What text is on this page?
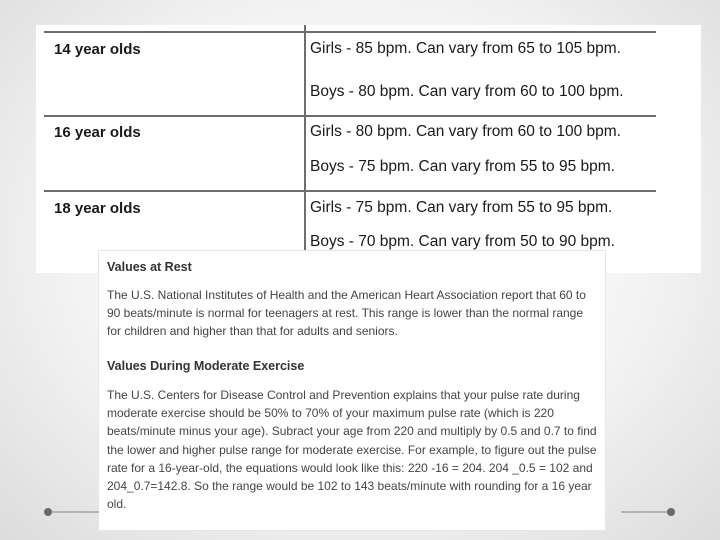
14 year olds	Girls - 85 bpm. Can vary from 65 to 105 bpm.
Boys - 80 bpm. Can vary from 60 to 100 bpm.
16 year olds	Girls - 80 bpm. Can vary from 60 to 100 bpm.
Boys - 75 bpm. Can vary from 55 to 95 bpm.
18 year olds	Girls - 75 bpm. Can vary from 55 to 95 bpm.
Boys - 70 bpm. Can vary from 50 to 90 bpm.
Values at Rest

The U.S. National Institutes of Health and the American Heart Association report that 60 to 90 beats/minute is normal for teenagers at rest. This range is lower than the normal range for children and higher than that for adults and seniors.

Values During Moderate Exercise

The U.S. Centers for Disease Control and Prevention explains that your pulse rate during moderate exercise should be 50% to 70% of your maximum pulse rate (which is 220 beats/minute minus your age). Subract your age from 220 and multiply by 0.5 and 0.7 to find the lower and higher pulse range for moderate exercise. For example, to figure out the pulse rate for a 16-year-old, the equations would look like this: 220 -16 = 204. 204 _0.5 = 102 and 204_0.7=142.8. So the range would be 102 to 143 beats/minute with rounding for a 16 year old.
